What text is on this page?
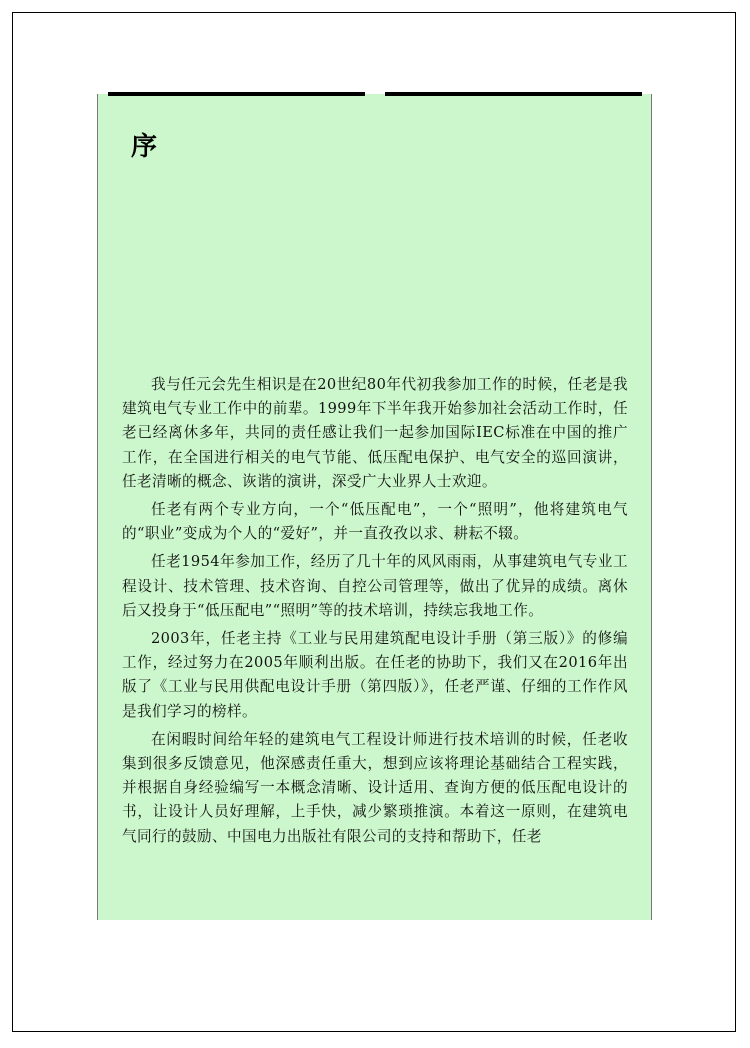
序

我与任元会先生相识是在20世纪80年代初我参加工作的时候，任老是我建筑电气专业工作中的前辈。1999年下半年我开始参加社会活动工作时，任老已经离休多年，共同的责任感让我们一起参加国际IEC标准在中国的推广工作，在全国进行相关的电气节能、低压配电保护、电气安全的巡回演讲，任老清晰的概念、诙谐的演讲，深受广大业界人士欢迎。

任老有两个专业方向，一个“低压配电”，一个“照明”，他将建筑电气的“职业”变成为个人的“爱好”，并一直孜孜以求、耕耘不辍。

任老1954年参加工作，经历了几十年的风风雨雨，从事建筑电气专业工程设计、技术管理、技术咨询、自控公司管理等，做出了优异的成绩。离休后又投身于“低压配电”“照明”等的技术培训，持续忘我地工作。

2003年，任老主持《工业与民用建筑配电设计手册（第三版）》的修编工作，经过努力在2005年顺利出版。在任老的协助下，我们又在2016年出版了《工业与民用供配电设计手册（第四版）》，任老严谨、仔细的工作作风是我们学习的榜样。

在闲暇时间给年轻的建筑电气工程设计师进行技术培训的时候，任老收集到很多反馈意见，他深感责任重大，想到应该将理论基础结合工程实践，并根据自身经验编写一本概念清晰、设计适用、查询方便的低压配电设计的书，让设计人员好理解，上手快，减少繁琐推演。本着这一原则，在建筑电气同行的鼓励、中国电力出版社有限公司的支持和帮助下，任老
